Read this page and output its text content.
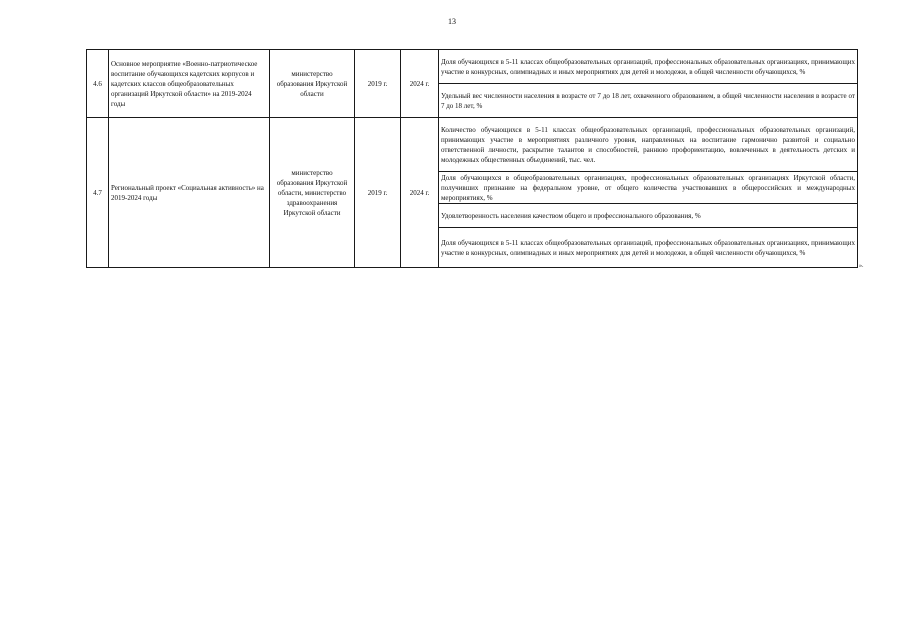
13
4.6	Основное мероприятие «Военно-патриотическое воспитание обучающихся кадетских корпусов и кадетских классов общеобразовательных организаций Иркутской области» на 2019-2024 годы	министерство образования Иркутской области	2019 г.	2024 г.	Доля обучающихся в 5-11 классах общеобразовательных организаций, профессиональных образовательных организациях, принимающих участие в конкурсных, олимпиадных и иных мероприятиях для детей и молодежи, в общей численности обучающихся, %
					Удельный вес численности населения в возрасте от 7 до 18 лет, охваченного образованием, в общей численности населения в возрасте от 7 до 18 лет, %
4.7	Региональный проект «Социальная активность» на 2019-2024 годы	министерство образования Иркутской области, министерство здравоохранения Иркутской области	2019 г.	2024 г.	Количество обучающихся в 5-11 классах общеобразовательных организаций, профессиональных образовательных организаций, принимающих участие в мероприятиях различного уровня, направленных на воспитание гармонично развитой и социально ответственной личности, раскрытие талантов и способностей, раннюю профориентацию, вовлеченных в деятельность детских и молодежных общественных объединений, тыс. чел.
					Доля обучающихся в общеобразовательных организациях, профессиональных образовательных организациях Иркутской области, получивших признание на федеральном уровне, от общего количества участвовавших в общероссийских и международных мероприятиях, %
					Удовлетворенность населения качеством общего и профессионального образования, %
					Доля обучающихся в 5-11 классах общеобразовательных организаций, профессиональных образовательных организациях, принимающих участие в конкурсных, олимпиадных и иных мероприятиях для детей и молодежи, в общей численности обучающихся, %
».
